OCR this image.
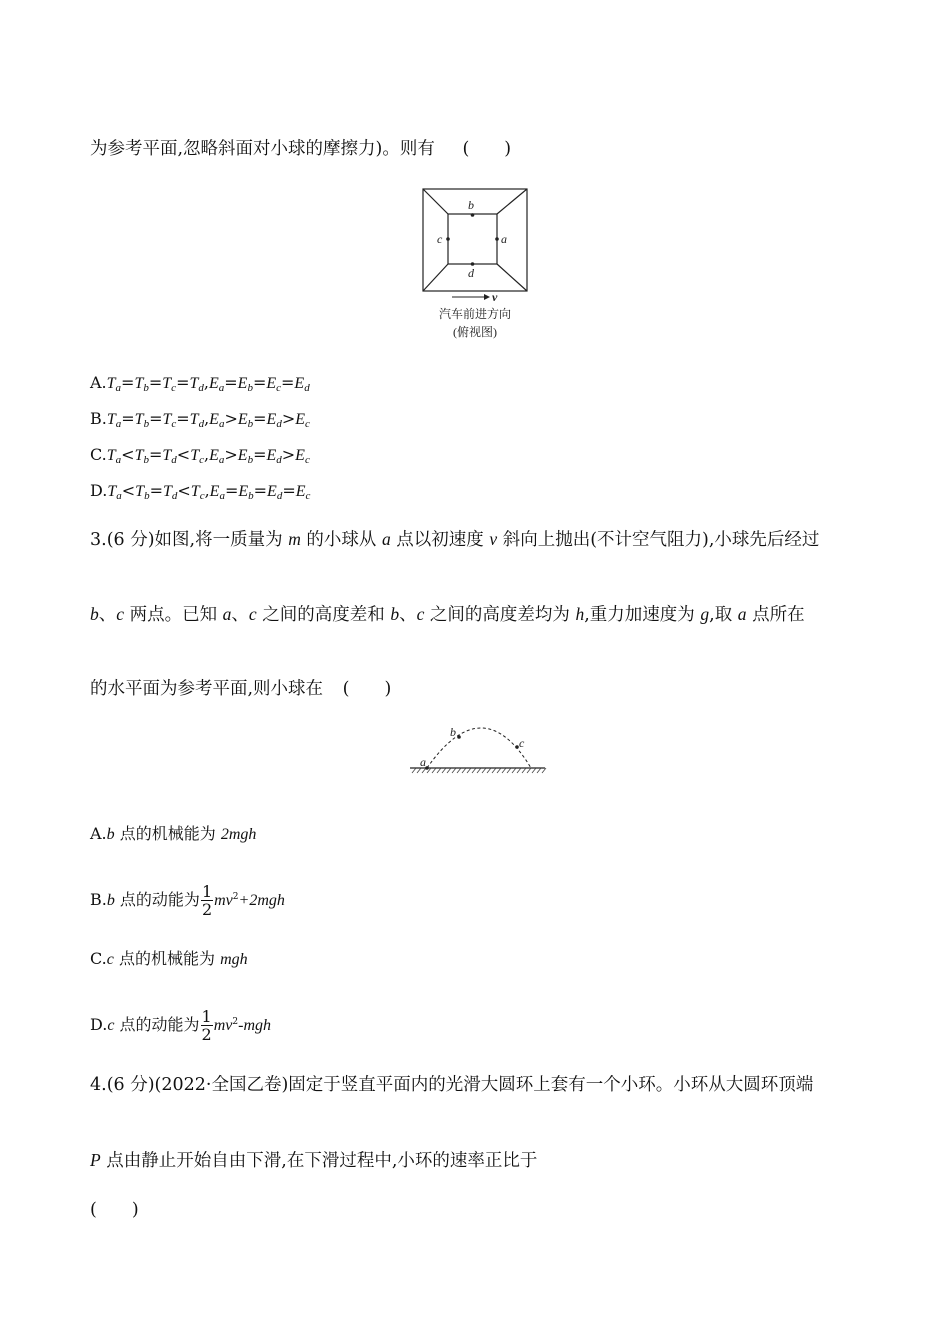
为参考平面,忽略斜面对小球的摩擦力)。则有 (　　)
b
d
c	a
v
汽车前进方向
(俯视图)
$A.T_a=T_b=T_c=T_d,E_a=E_b=E_c=E_d$
$B.T_a=T_b=T_c=T_d,E_a>E_b=E_d>E_c$
$C.T_a<T_b=T_d<T_c,E_a>E_b=E_d>E_c$
$D.T_a<T_b=T_d<T_c,E_a=E_b=E_d=E_c$
3.(6 分)如图,将一质量为 m 的小球从 a 点以初速度 v 斜向上抛出(不计空气阻力),小球先后经过
b、c 两点。已知 a、c 之间的高度差和 b、c 之间的高度差均为 h,重力加速度为 g,取 a 点所在
的水平面为参考平面,则小球在 (　　)
a
b
c
A.b 点的机械能为 2mgh
B.b 点的动能为 $\frac{1}{2} mv^2+2mgh$
C.c 点的机械能为 mgh
D.c 点的动能为 $\frac{1}{2} mv^2-mgh$
4.(6 分)(2022·全国乙卷)固定于竖直平面内的光滑大圆环上套有一个小环。小环从大圆环顶端
P 点由静止开始自由下滑,在下滑过程中,小环的速率正比于
(　　)
